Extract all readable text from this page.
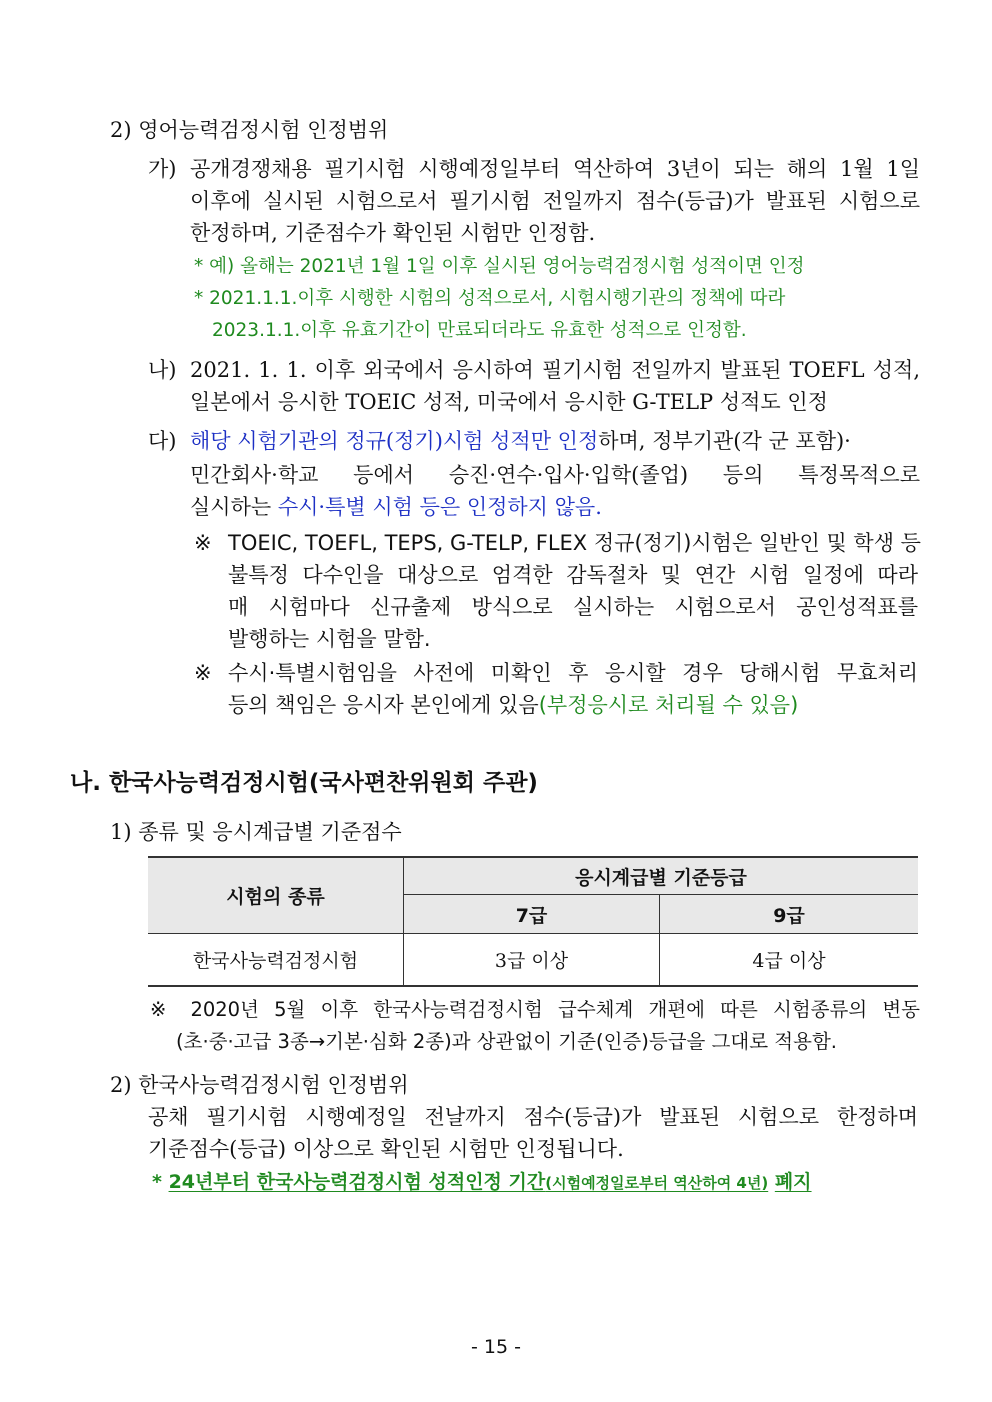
2) 영어능력검정시험 인정범위
가) 공개경쟁채용 필기시험 시행예정일부터 역산하여 3년이 되는 해의 1월 1일
이후에 실시된 시험으로서 필기시험 전일까지 점수(등급)가 발표된 시험으로
한정하며, 기준점수가 확인된 시험만 인정함.
* 예) 올해는 2021년 1월 1일 이후 실시된 영어능력검정시험 성적이면 인정
* 2021.1.1.이후 시행한 시험의 성적으로서, 시험시행기관의 정책에 따라
2023.1.1.이후 유효기간이 만료되더라도 유효한 성적으로 인정함.
나) 2021. 1. 1. 이후 외국에서 응시하여 필기시험 전일까지 발표된 TOEFL 성적,
일본에서 응시한 TOEIC 성적, 미국에서 응시한 G-TELP 성적도 인정
다) 해당 시험기관의 정규(정기)시험 성적만 인정하며, 정부기관(각 군 포함)·
민간회사·학교 등에서 승진·연수·입사·입학(졸업) 등의 특정목적으로
실시하는 수시·특별 시험 등은 인정하지 않음.
※ TOEIC, TOEFL, TEPS, G-TELP, FLEX 정규(정기)시험은 일반인 및 학생 등
불특정 다수인을 대상으로 엄격한 감독절차 및 연간 시험 일정에 따라
매 시험마다 신규출제 방식으로 실시하는 시험으로서 공인성적표를
발행하는 시험을 말함.
※ 수시·특별시험임을 사전에 미확인 후 응시할 경우 당해시험 무효처리
등의 책임은 응시자 본인에게 있음(부정응시로 처리될 수 있음)
나. 한국사능력검정시험(국사편찬위원회 주관)
1) 종류 및 응시계급별 기준점수
시험의 종류
응시계급별 기준등급
7급	9급
한국사능력검정시험	3급 이상	4급 이상
※ 2020년 5월 이후 한국사능력검정시험 급수체계 개편에 따른 시험종류의 변동
(초·중·고급 3종→기본·심화 2종)과 상관없이 기준(인증)등급을 그대로 적용함.
2) 한국사능력검정시험 인정범위
공채 필기시험 시행예정일 전날까지 점수(등급)가 발표된 시험으로 한정하며
기준점수(등급) 이상으로 확인된 시험만 인정됩니다.
* 24년부터 한국사능력검정시험 성적인정 기간(시험예정일로부터 역산하여 4년) 폐지
- 15 -
